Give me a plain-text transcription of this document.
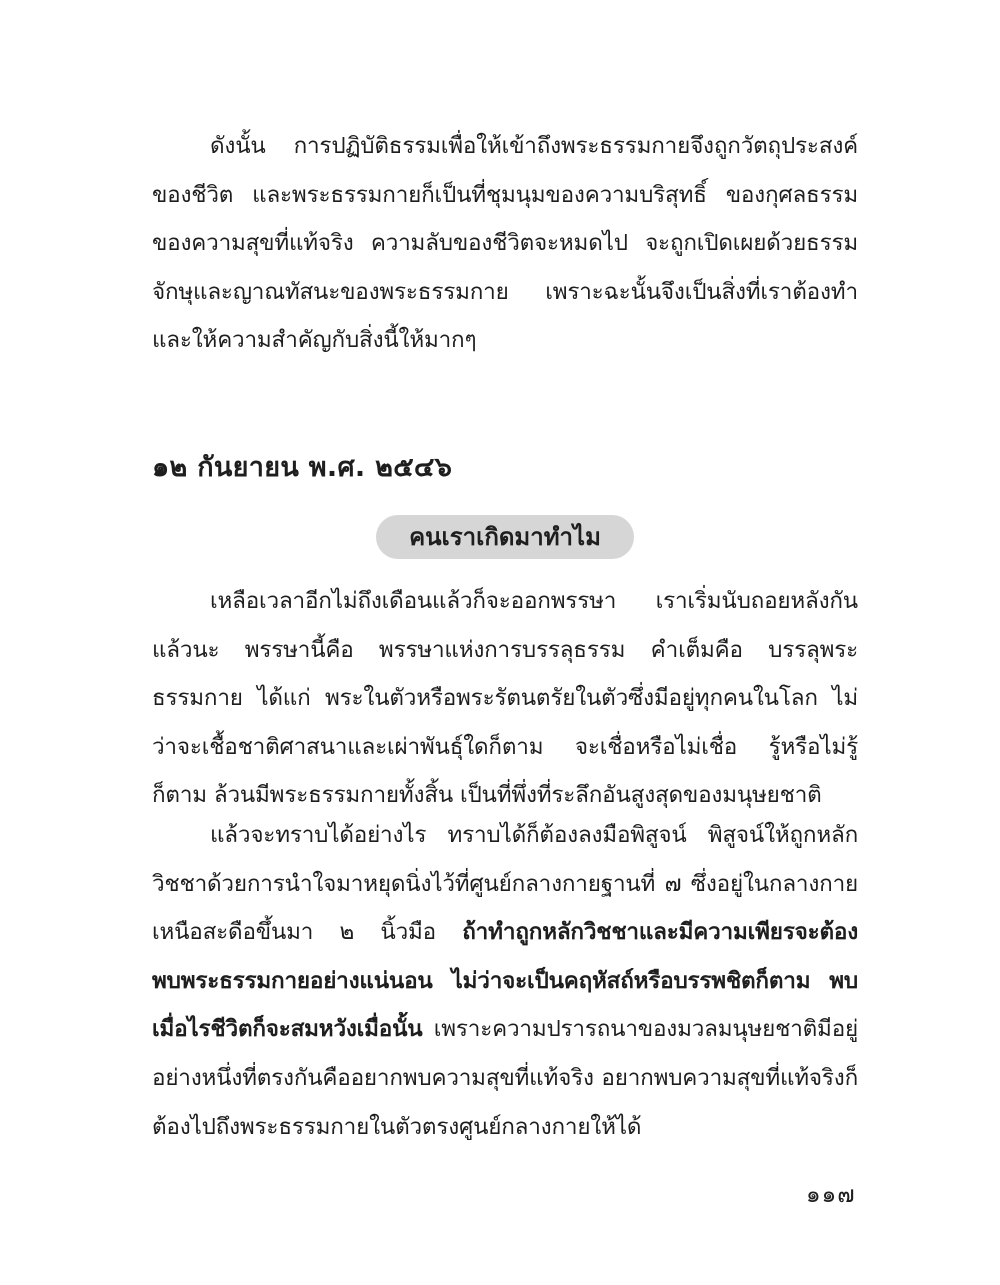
ดังนั้น การปฏิบัติธรรมเพื่อให้เข้าถึงพระธรรมกายจึงถูกวัตถุประสงค์ของชีวิต และพระธรรมกายก็เป็นที่ชุมนุมของความบริสุทธิ์ ของกุศลธรรม ของความสุขที่แท้จริง ความลับของชีวิตจะหมดไป จะถูกเปิดเผยด้วยธรรมจักษุและญาณทัสนะของพระธรรมกาย เพราะฉะนั้นจึงเป็นสิ่งที่เราต้องทำ และให้ความสำคัญกับสิ่งนี้ให้มากๆ

๑๒ กันยายน พ.ศ. ๒๕๔๖
คนเราเกิดมาทำไม

เหลือเวลาอีกไม่ถึงเดือนแล้วก็จะออกพรรษา เราเริ่มนับถอยหลังกันแล้วนะ พรรษานี้คือ พรรษาแห่งการบรรลุธรรม คำเต็มคือ บรรลุพระธรรมกาย ได้แก่ พระในตัวหรือพระรัตนตรัยในตัวซึ่งมีอยู่ทุกคนในโลก ไม่ว่าจะเชื้อชาติศาสนาและเผ่าพันธุ์ใดก็ตาม จะเชื่อหรือไม่เชื่อ รู้หรือไม่รู้ก็ตาม ล้วนมีพระธรรมกายทั้งสิ้น เป็นที่พึ่งที่ระลึกอันสูงสุดของมนุษยชาติ

แล้วจะทราบได้อย่างไร ทราบได้ก็ต้องลงมือพิสูจน์ พิสูจน์ให้ถูกหลักวิชชาด้วยการนำใจมาหยุดนิ่งไว้ที่ศูนย์กลางกายฐานที่ ๗ ซึ่งอยู่ในกลางกายเหนือสะดือขึ้นมา ๒ นิ้วมือ ถ้าทำถูกหลักวิชชาและมีความเพียรจะต้องพบพระธรรมกายอย่างแน่นอน ไม่ว่าจะเป็นคฤหัสถ์หรือบรรพชิตก็ตาม พบเมื่อไรชีวิตก็จะสมหวังเมื่อนั้น เพราะความปรารถนาของมวลมนุษยชาติมีอยู่อย่างหนึ่งที่ตรงกันคืออยากพบความสุขที่แท้จริง อยากพบความสุขที่แท้จริงก็ต้องไปถึงพระธรรมกายในตัวตรงศูนย์กลางกายให้ได้

๑๑๗
